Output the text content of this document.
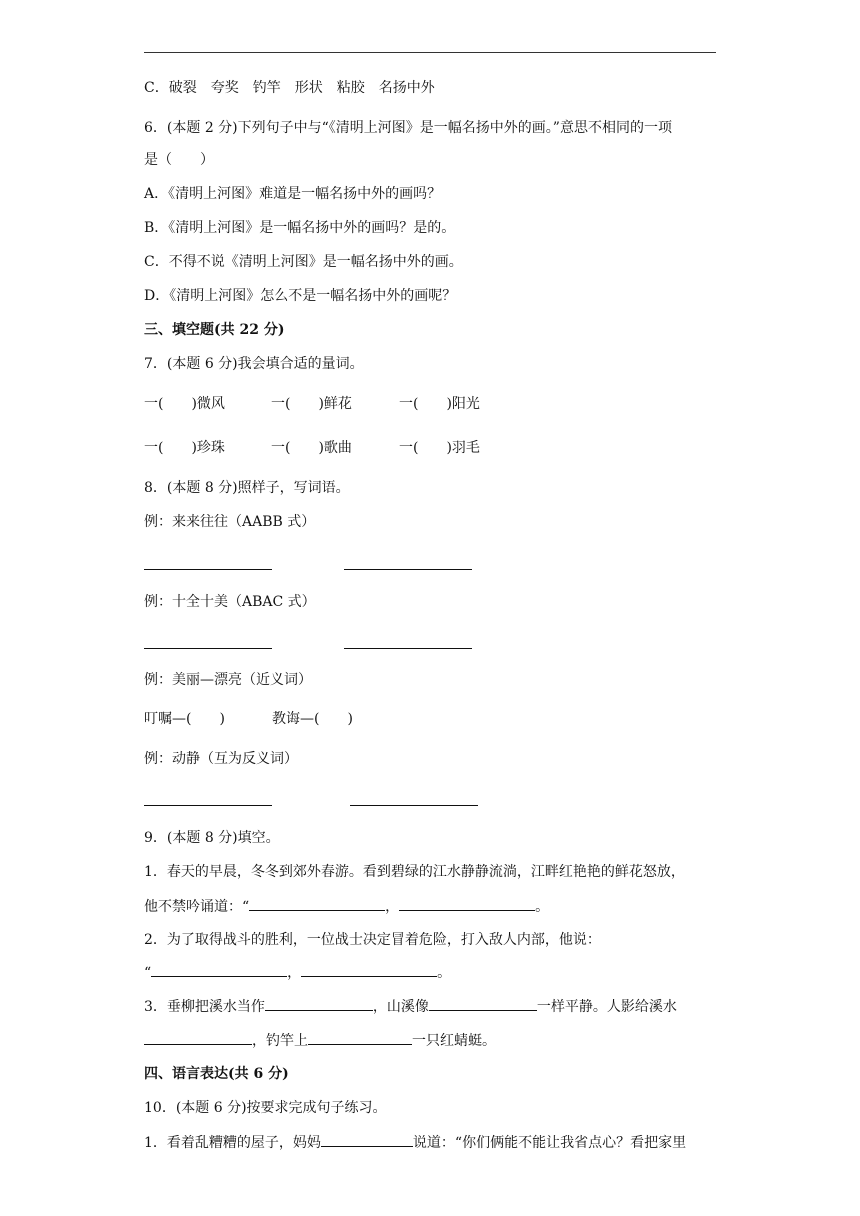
C．破裂　夸奖　钓竿　形状　粘胶　名扬中外
6．(本题 2 分)下列句子中与“《清明上河图》是一幅名扬中外的画。”意思不相同的一项
是（　　）
A．《清明上河图》难道是一幅名扬中外的画吗？
B．《清明上河图》是一幅名扬中外的画吗？是的。
C．不得不说《清明上河图》是一幅名扬中外的画。
D．《清明上河图》怎么不是一幅名扬中外的画呢？
三、填空题(共 22 分)
7．(本题 6 分)我会填合适的量词。
一(　　)微风	一(　　)鲜花	一(　　)阳光
一(　　)珍珠	一(　　)歌曲	一(　　)羽毛
8．(本题 8 分)照样子，写词语。
例：来来往往（AABB 式）
例：十全十美（ABAC 式）
例：美丽—漂亮（近义词）
叮嘱—(　　)	教诲—(　　)
例：动静（互为反义词）
9．(本题 8 分)填空。
1．春天的早晨，冬冬到郊外春游。看到碧绿的江水静静流淌，江畔红艳艳的鲜花怒放，
他不禁吟诵道：“	，	。
2．为了取得战斗的胜利，一位战士决定冒着危险，打入敌人内部，他说：
“	，	。
3．垂柳把溪水当作	，山溪像	一样平静。人影给溪水
，钓竿上	一只红蜻蜓。
四、语言表达(共 6 分)
10．(本题 6 分)按要求完成句子练习。
1．看着乱糟糟的屋子，妈妈	说道：“你们俩能不能让我省点心？看把家里
